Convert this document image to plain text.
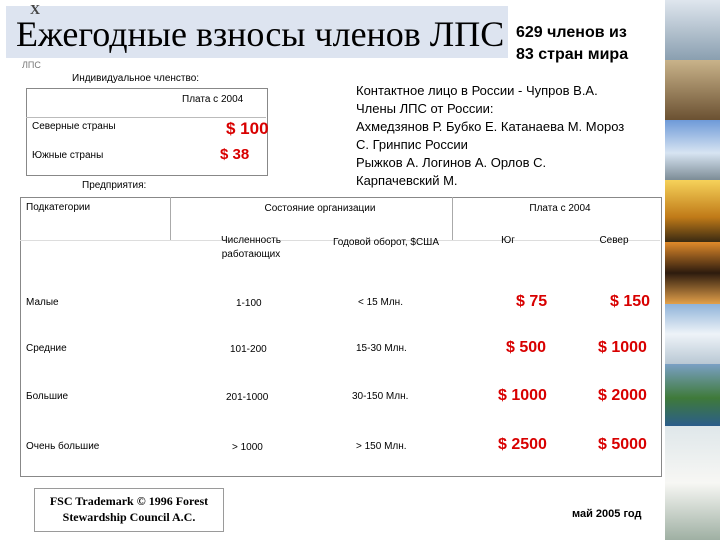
X
Ежегодные взносы членов ЛПС
ЛПС
629 членов из
83 стран мира
Индивидуальное членство:
Плата с 2004
Северные страны	$ 100
Южные страны	$ 38
Контактное лицо в России - Чупров В.А.
Члены ЛПС от России:
Ахмедзянов Р. Бубко Е. Катанаева М. Мороз
С. Гринпис России
Рыжков А. Логинов А. Орлов С.
Карпачевский М.
Предприятия:
Подкатегории	Состояние организации	Плата с 2004
Численность работающих
Годовой оборот, $США	Юг	Север
Малые	1-100	< 15 Млн.	$ 75	$ 150
Средние	101-200	15-30 Млн.	$ 500	$ 1000
Большие	201-1000	30-150 Млн.	$ 1000	$ 2000
Очень большие	> 1000	> 150 Млн.	$ 2500	$ 5000
FSC Trademark © 1996 Forest
Stewardship Council A.C.	май 2005 год
